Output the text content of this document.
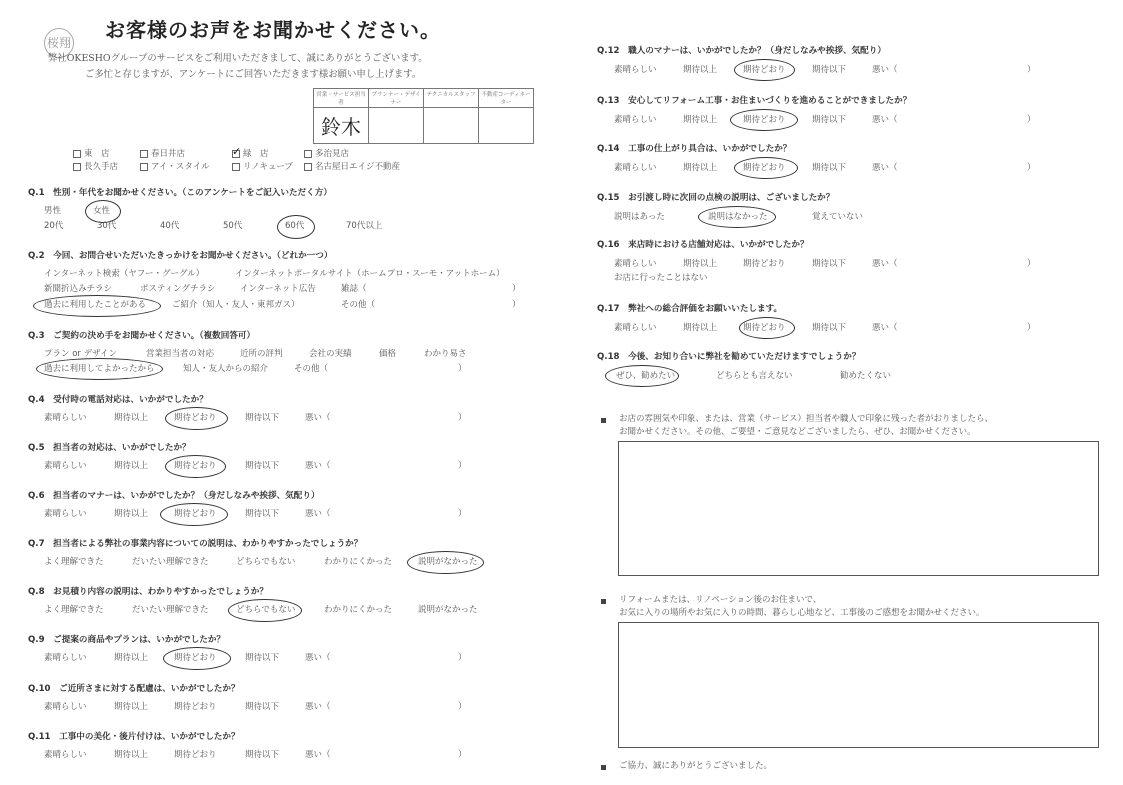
桜翔
お客様のお声をお聞かせください。
弊社OKESHOグループのサービスをご利用いただきまして、誠にありがとうございます。
ご多忙と存じますが、アンケートにご回答いただきます様お願い申し上げます。
営業・サービス担当者	プランナー・デザイナー	テクニカルスタッフ	不動産コーディネーター
鈴木			
東　店	春日井店	✓ 緑　店	多治見店
長久手店	アイ・スタイル	リノキューブ	名古屋日エイジ不動産
Q.1　性別・年代をお聞かせください。（このアンケートをご記入いただく方）
男性	女性
20代	30代	40代	50代	60代	70代以上
Q.2　今回、お問合せいただいたきっかけをお聞かせください。（どれか一つ）
インターネット検索（ヤフー・グーグル）	インターネットポータルサイト（ホームプロ・スーモ・アットホーム）
新聞折込みチラシ	ポスティングチラシ	インターネット広告	雑誌（	）
過去に利用したことがある	ご紹介（知人・友人・東邦ガス）	その他（	）
Q.3　ご契約の決め手をお聞かせください。（複数回答可）
プラン or デザイン	営業担当者の対応	近所の評判	会社の実績	価格	わかり易さ
過去に利用してよかったから	知人・友人からの紹介	その他（	）
Q.4　受付時の電話対応は、いかがでしたか？
素晴らしい	期待以上	期待どおり	期待以下	悪い（	）
Q.5　担当者の対応は、いかがでしたか？
素晴らしい	期待以上	期待どおり	期待以下	悪い（	）
Q.6　担当者のマナーは、いかがでしたか？（身だしなみや挨拶、気配り）
素晴らしい	期待以上	期待どおり	期待以下	悪い（	）
Q.7　担当者による弊社の事業内容についての説明は、わかりやすかったでしょうか？
よく理解できた	だいたい理解できた	どちらでもない	わかりにくかった	説明がなかった
Q.8　お見積り内容の説明は、わかりやすかったでしょうか？
よく理解できた	だいたい理解できた	どちらでもない	わかりにくかった	説明がなかった
Q.9　ご提案の商品やプランは、いかがでしたか？
素晴らしい	期待以上	期待どおり	期待以下	悪い（	）
Q.10　ご近所さまに対する配慮は、いかがでしたか？
素晴らしい	期待以上	期待どおり	期待以下	悪い（	）
Q.11　工事中の美化・後片付けは、いかがでしたか？
素晴らしい	期待以上	期待どおり	期待以下	悪い（	）
Q.12　職人のマナーは、いかがでしたか？（身だしなみや挨拶、気配り）
素晴らしい	期待以上	期待どおり	期待以下	悪い（	）
Q.13　安心してリフォーム工事・お住まいづくりを進めることができましたか？
素晴らしい	期待以上	期待どおり	期待以下	悪い（	）
Q.14　工事の仕上がり具合は、いかがでしたか？
素晴らしい	期待以上	期待どおり	期待以下	悪い（	）
Q.15　お引渡し時に次回の点検の説明は、ございましたか？
説明はあった	説明はなかった	覚えていない
Q.16　来店時における店舗対応は、いかがでしたか？
素晴らしい	期待以上	期待どおり	期待以下	悪い（	）
お店に行ったことはない
Q.17　弊社への総合評価をお願いいたします。
素晴らしい	期待以上	期待どおり	期待以下	悪い（	）
Q.18　今後、お知り合いに弊社を勧めていただけますでしょうか？
ぜひ、勧めたい	どちらとも言えない	勧めたくない
お店の雰囲気や印象、または、営業（サービス）担当者や職人で印象に残った者がおりましたら、
お聞かせください。その他、ご要望・ご意見などございましたら、ぜひ、お聞かせください。
リフォームまたは、リノベーション後のお住まいで、
お気に入りの場所やお気に入りの時間、暮らし心地など、工事後のご感想をお聞かせください。
ご協力、誠にありがとうございました。
